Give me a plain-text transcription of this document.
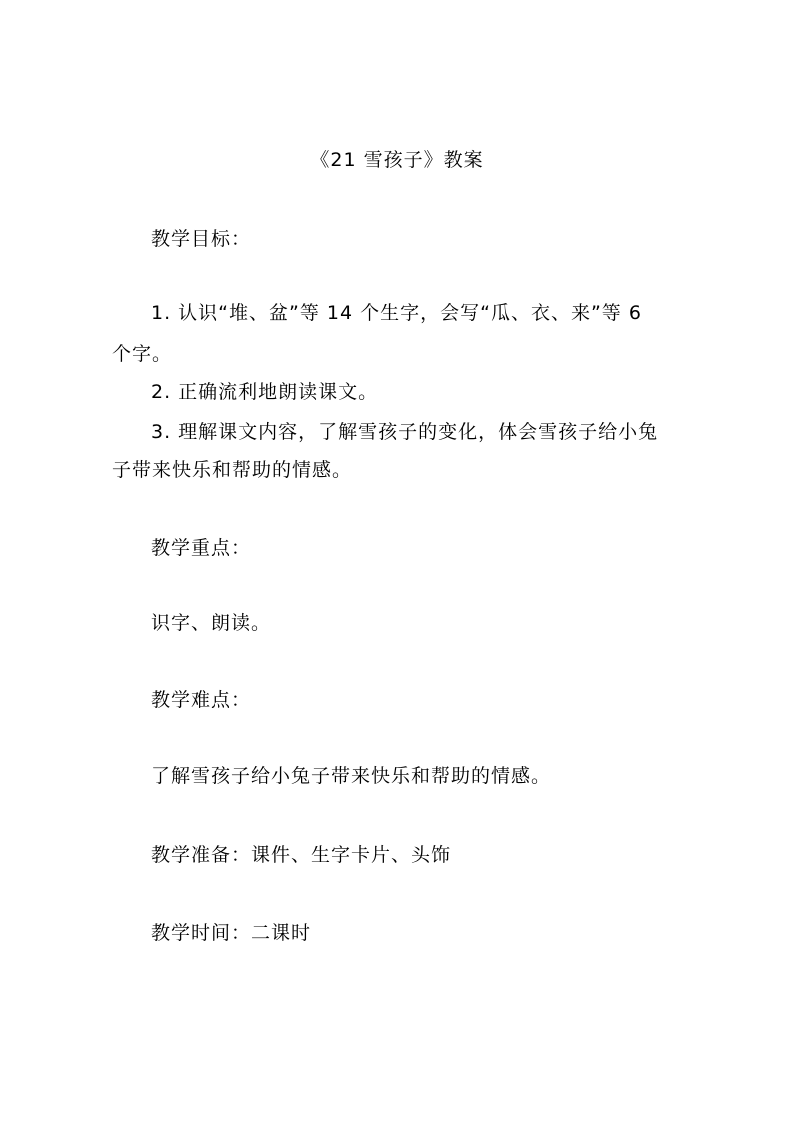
《21 雪孩子》教案
教学目标：
1. 认识“堆、盆”等 14 个生字，会写“瓜、衣、来”等 6
个字。
2. 正确流利地朗读课文。
3. 理解课文内容，了解雪孩子的变化，体会雪孩子给小兔
子带来快乐和帮助的情感。
教学重点：
识字、朗读。
教学难点：
了解雪孩子给小兔子带来快乐和帮助的情感。
教学准备：课件、生字卡片、头饰
教学时间：二课时
